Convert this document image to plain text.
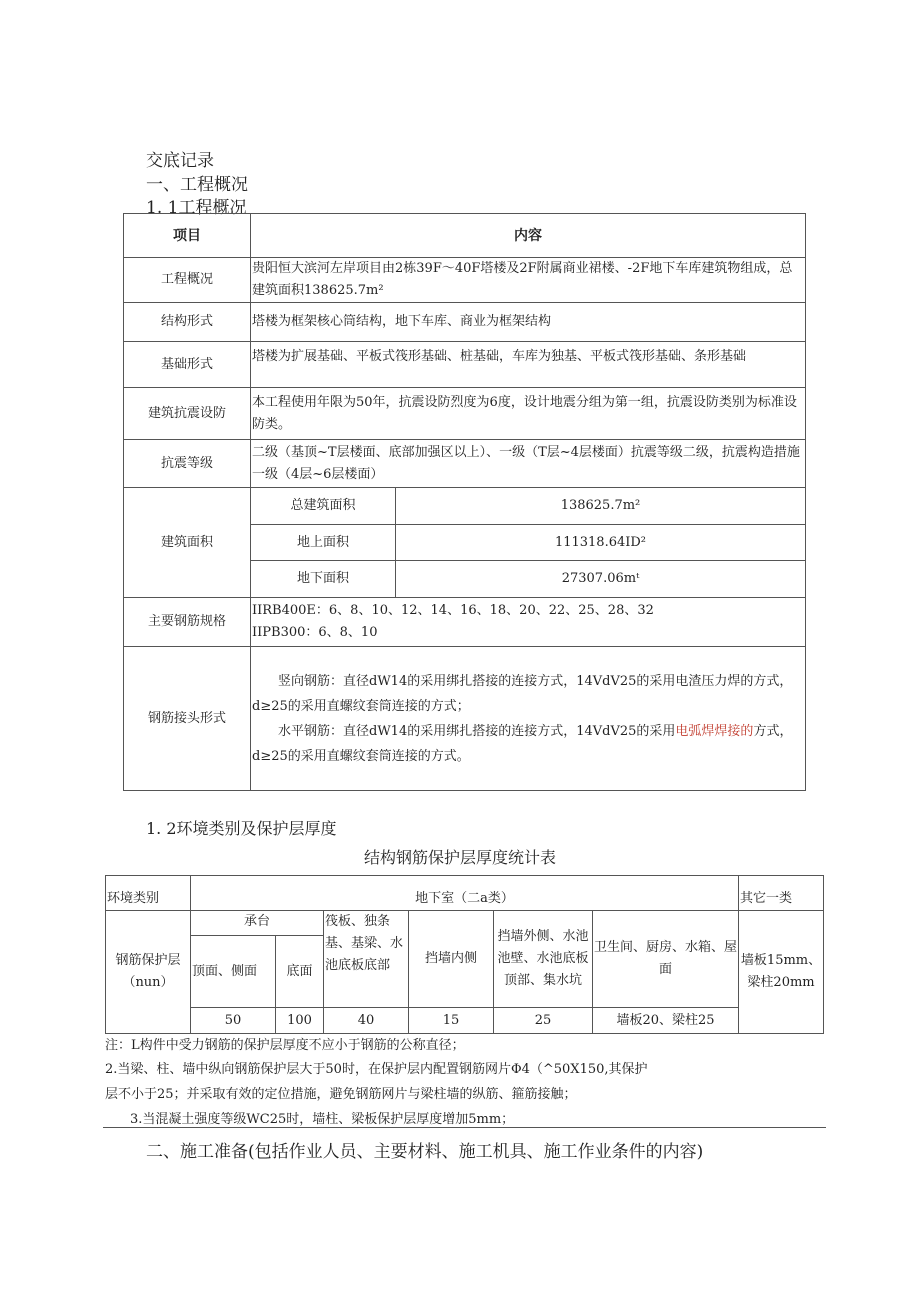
交底记录
一、工程概况
1. 1工程概况
项目	内容	
工程概况	贵阳恒大滨河左岸项目由2栋39F～40F塔楼及2F附属商业裙楼、-2F地下车库建筑物组成，总建筑面积138625.7m²	
结构形式	塔楼为框架核心筒结构，地下车库、商业为框架结构	
基础形式	塔楼为扩展基础、平板式筏形基础、桩基础，车库为独基、平板式筏形基础、条形基础	
建筑抗震设防	本工程使用年限为50年，抗震设防烈度为6度，设计地震分组为第一组，抗震设防类别为标准设防类。	
抗震等级	二级（基顶~T层楼面、底部加强区以上）、一级（T层~4层楼面）抗震等级二级，抗震构造措施一级（4层~6层楼面）	
建筑面积	总建筑面积	138625.7m²
	地上面积	111318.64ID²
	地下面积	27307.06mᵗ
主要钢筋规格	IIRB400E：6、8、10、12、14、16、18、20、22、25、28、32
IIPB300：6、8、10	

钢筋接头形式	竖向钢筋：直径dW14的采用绑扎搭接的连接方式，14VdV25的采用电渣压力焊的方式，d≥25的采用直螺纹套筒连接的方式；
水平钢筋：直径dW14的采用绑扎搭接的连接方式，14VdV25的采用电弧焊焊接的方式，d≥25的采用直螺纹套筒连接的方式。	
1. 2环境类别及保护层厚度
结构钢筋保护层厚度统计表
环境类别	地下室（二a类）						其它一类
钢筋保护层（nun）	承台		筏板、独条基、基梁、水池底板底部	挡墙内侧	挡墙外侧、水池池壁、水池底板顶部、集水坑	卫生间、厨房、水箱、屋面	墙板15mm、梁柱20mm
	顶面、侧面	底面					
	50	100	40	15	25	墙板20、梁柱25	
注：L构件中受力钢筋的保护层厚度不应小于钢筋的公称直径；
2.当梁、柱、墙中纵向钢筋保护层大于50时，在保护层内配置钢筋网片Φ4（^50X150,其保护
层不小于25；并采取有效的定位措施，避免钢筋网片与梁柱墙的纵筋、箍筋接触；
3.当混凝土强度等级WC25时，墙柱、梁板保护层厚度增加5mm；
二、施工准备(包括作业人员、主要材料、施工机具、施工作业条件的内容)
